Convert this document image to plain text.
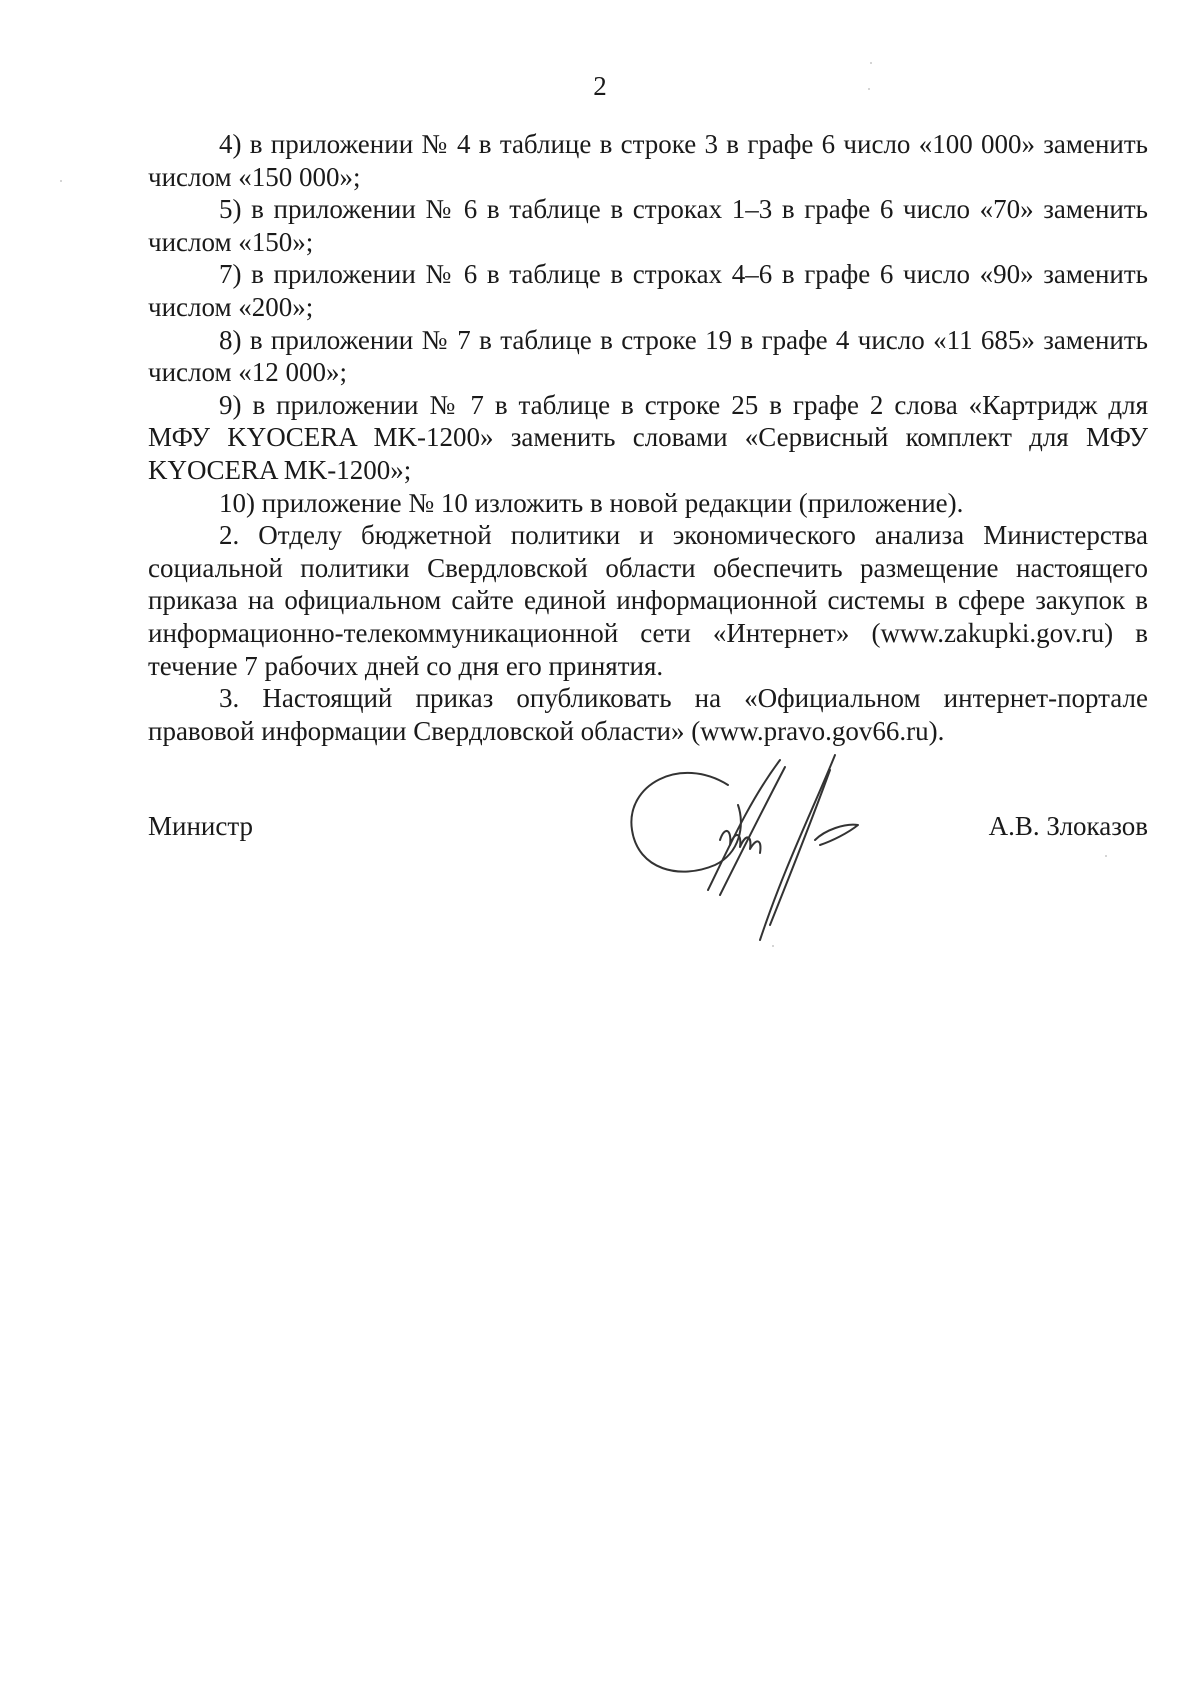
2

4) в приложении № 4 в таблице в строке 3 в графе 6 число «100 000» заменить числом «150 000»;

5) в приложении № 6 в таблице в строках 1–3 в графе 6 число «70» заменить числом «150»;

7) в приложении № 6 в таблице в строках 4–6 в графе 6 число «90» заменить числом «200»;

8) в приложении № 7 в таблице в строке 19 в графе 4 число «11 685» заменить числом «12 000»;

9) в приложении № 7 в таблице в строке 25 в графе 2 слова «Картридж для МФУ KYOCERA MK-1200» заменить словами «Сервисный комплект для МФУ KYOCERA MK-1200»;

10) приложение № 10 изложить в новой редакции (приложение).

2. Отделу бюджетной политики и экономического анализа Министерства социальной политики Свердловской области обеспечить размещение настоящего приказа на официальном сайте единой информационной системы в сфере закупок в информационно-телекоммуникационной сети «Интернет» (www.zakupki.gov.ru) в течение 7 рабочих дней со дня его принятия.

3. Настоящий приказ опубликовать на «Официальном интернет-портале правовой информации Свердловской области» (www.pravo.gov66.ru).

Министр	А.В. Злоказов
